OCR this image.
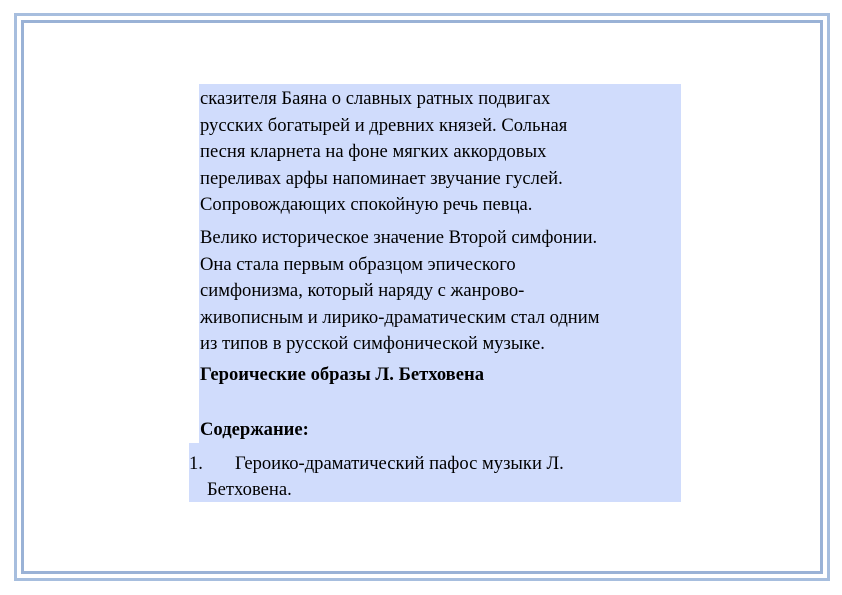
сказителя Баяна о славных ратных подвигах
русских богатырей и древних князей. Сольная
песня кларнета на фоне мягких аккордовых
переливах арфы напоминает звучание гуслей.
Сопровождающих спокойную речь певца.

Велико историческое значение Второй симфонии.
Она стала первым образцом эпического
симфонизма, который наряду с жанрово-
живописным и лирико-драматическим стал одним
из типов в русской симфонической музыке.

Героические образы Л. Бетховена
Содержание:
1. Героико-драматический пафос музыки Л.
Бетховена.
